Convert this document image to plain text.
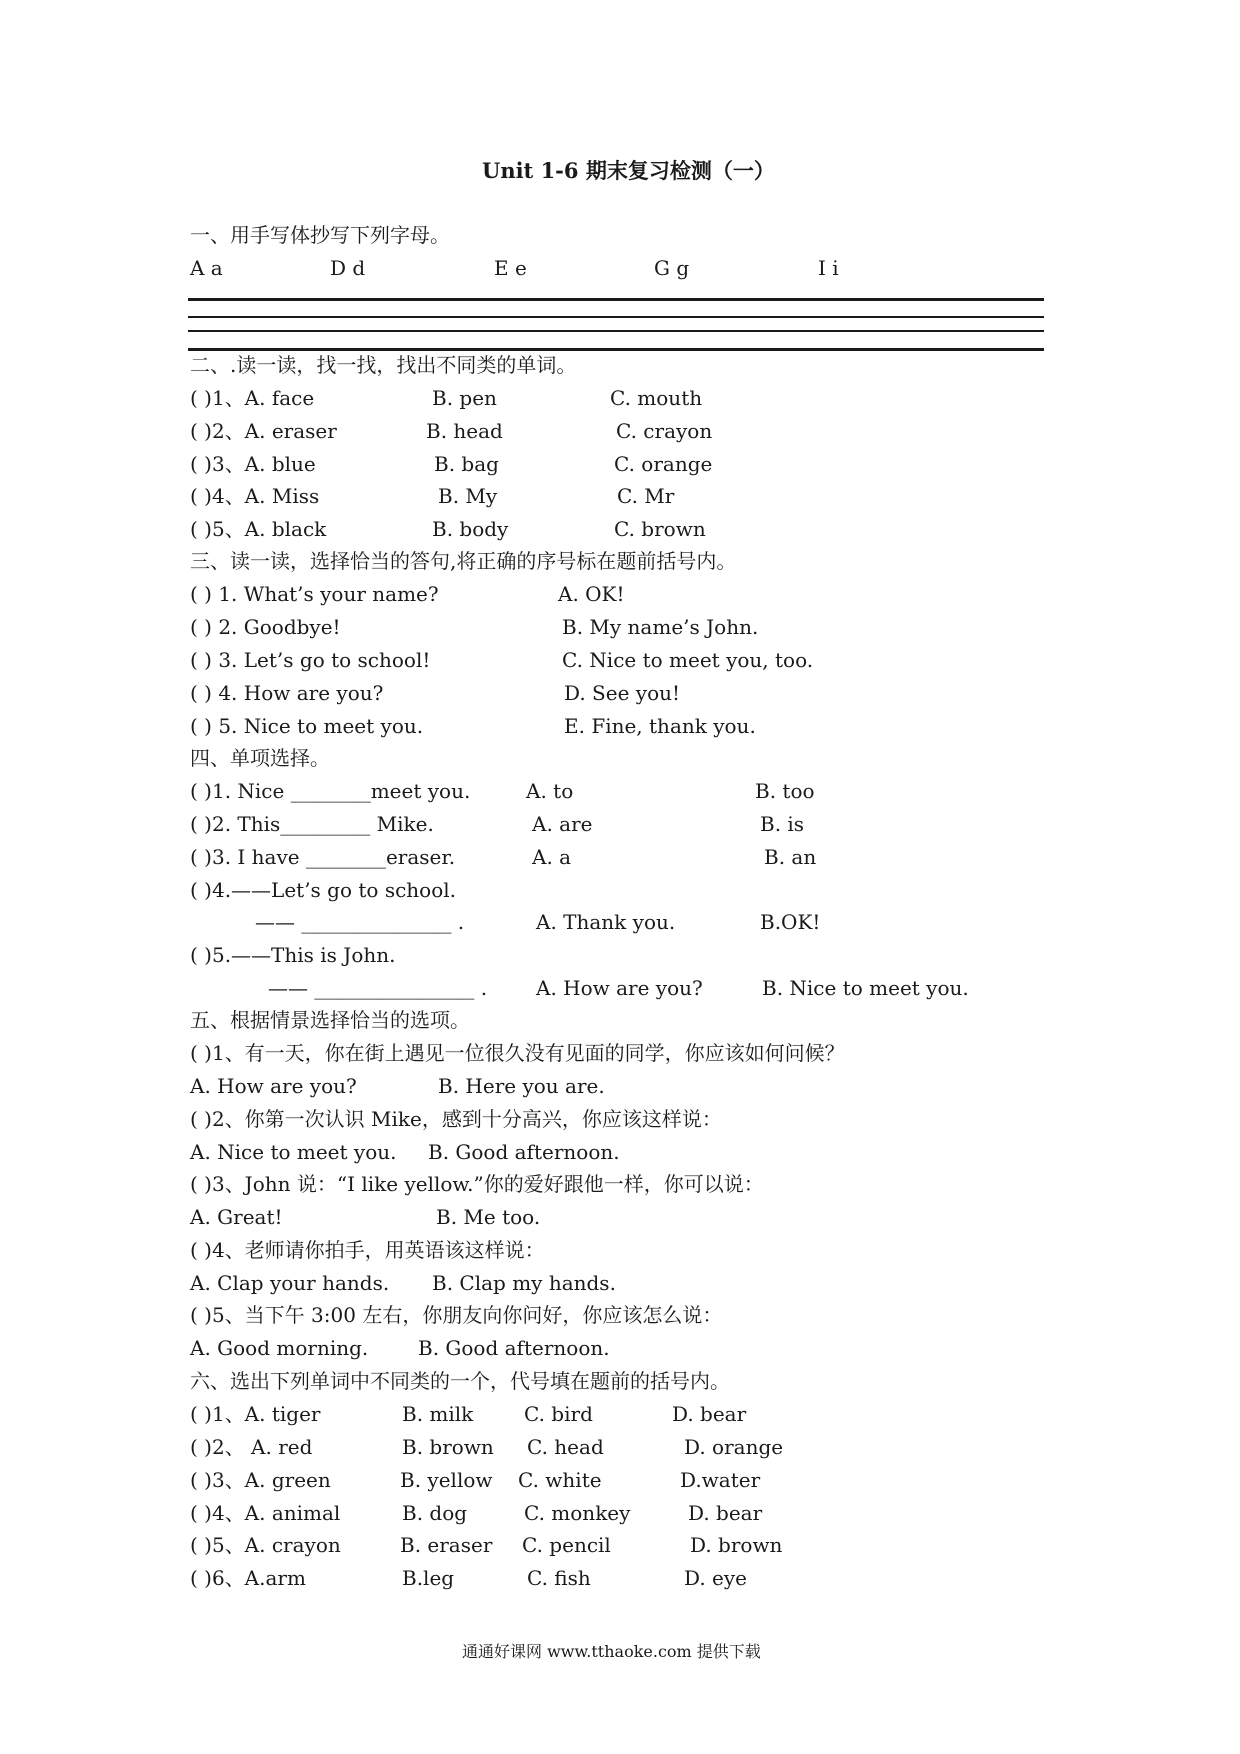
Unit 1-6 期末复习检测（一）
一、用手写体抄写下列字母。
A a	D d	E e	G g	I i
二、.读一读，找一找，找出不同类的单词。
( )1、A. face	B. pen	C. mouth
( )2、A. eraser	B. head	C. crayon
( )3、A. blue	B. bag	C. orange
( )4、A. Miss	B. My	C. Mr
( )5、A. black	B. body	C. brown
三、读一读，选择恰当的答句,将正确的序号标在题前括号内。
( ) 1. What’s your name?	A. OK!
( ) 2. Goodbye!	B. My name’s John.
( ) 3. Let’s go to school!	C. Nice to meet you, too.
( ) 4. How are you?	D. See you!
( ) 5. Nice to meet you.	E. Fine, thank you.
四、单项选择。
( )1. Nice ________meet you.	A. to	B. too
( )2. This_________ Mike.	A. are	B. is
( )3. I have ________eraser.	A. a	B. an
( )4.——Let’s go to school.
—— _______________ .	A. Thank you.	B.OK!
( )5.——This is John.
—— ________________ . A. How are you?	B. Nice to meet you.
五、根据情景选择恰当的选项。
( )1、有一天，你在街上遇见一位很久没有见面的同学，你应该如何问候？
A. How are you?	B. Here you are.
( )2、你第一次认识 Mike，感到十分高兴，你应该这样说：
A. Nice to meet you. B. Good afternoon.
( )3、John 说：“I like yellow.”你的爱好跟他一样，你可以说：
A. Great!	B. Me too.
( )4、老师请你拍手，用英语该这样说：
A. Clap your hands. B. Clap my hands.
( )5、当下午 3:00 左右，你朋友向你问好，你应该怎么说：
A. Good morning. B. Good afternoon.
六、选出下列单词中不同类的一个，代号填在题前的括号内。
( )1、A. tiger	B. milk	C. bird	D. bear
( )2、 A. red	B. brown C. head	D. orange
( )3、A. green	B. yellow C. white	D.water
( )4、A. animal	B. dog	C. monkey	D. bear
( )5、A. crayon	B. eraser C. pencil	D. brown
( )6、A.arm	B.leg	C. fish	D. eye
通通好课网 www.tthaoke.com 提供下载
